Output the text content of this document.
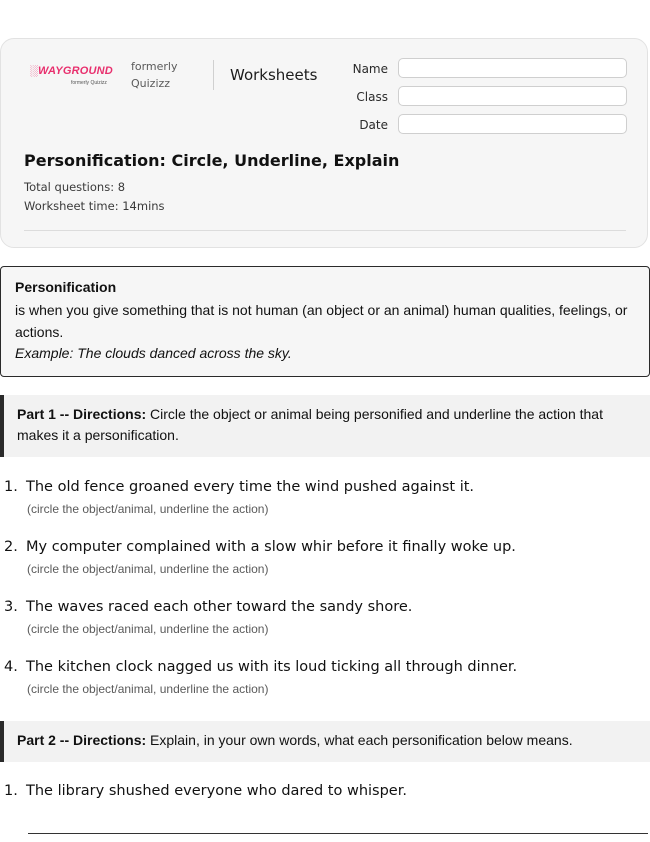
░WAYGROUND
formerly Quizizz
formerly Quizizz	Worksheets	Name
Class
Date
Personification: Circle, Underline, Explain
Total questions: 8
Worksheet time: 14mins
Personification
is when you give something that is not human (an object or an animal) human qualities, feelings, or actions.
Example: The clouds danced across the sky.
Part 1 -- Directions: Circle the object or animal being personified and underline the action that makes it a personification.
1. The old fence groaned every time the wind pushed against it.
(circle the object/animal, underline the action)
2. My computer complained with a slow whir before it finally woke up.
(circle the object/animal, underline the action)
3. The waves raced each other toward the sandy shore.
(circle the object/animal, underline the action)
4. The kitchen clock nagged us with its loud ticking all through dinner.
(circle the object/animal, underline the action)
Part 2 -- Directions: Explain, in your own words, what each personification below means.
1. The library shushed everyone who dared to whisper.
